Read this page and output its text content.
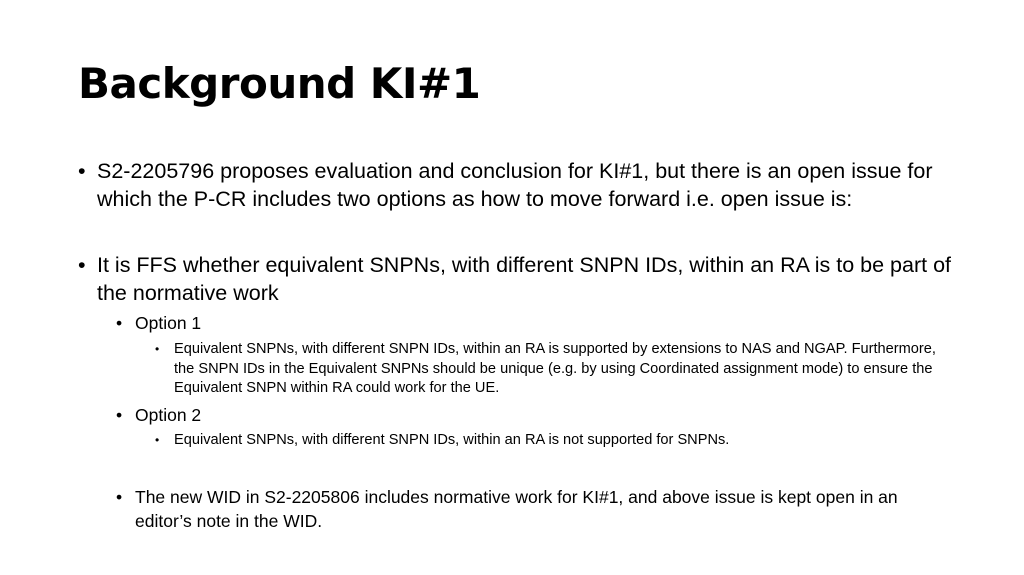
Background KI#1
• S2-2205796 proposes evaluation and conclusion for KI#1, but there is an open issue for which the P-CR includes two options as how to move forward i.e. open issue is:
• It is FFS whether equivalent SNPNs, with different SNPN IDs, within an RA is to be part of the normative work
• Option 1
• Equivalent SNPNs, with different SNPN IDs, within an RA is supported by extensions to NAS and NGAP. Furthermore, the SNPN IDs in the Equivalent SNPNs should be unique (e.g. by using Coordinated assignment mode) to ensure the Equivalent SNPN within RA could work for the UE.
• Option 2
• Equivalent SNPNs, with different SNPN IDs, within an RA is not supported for SNPNs.
• The new WID in S2-2205806 includes normative work for KI#1, and above issue is kept open in an editor’s note in the WID.
